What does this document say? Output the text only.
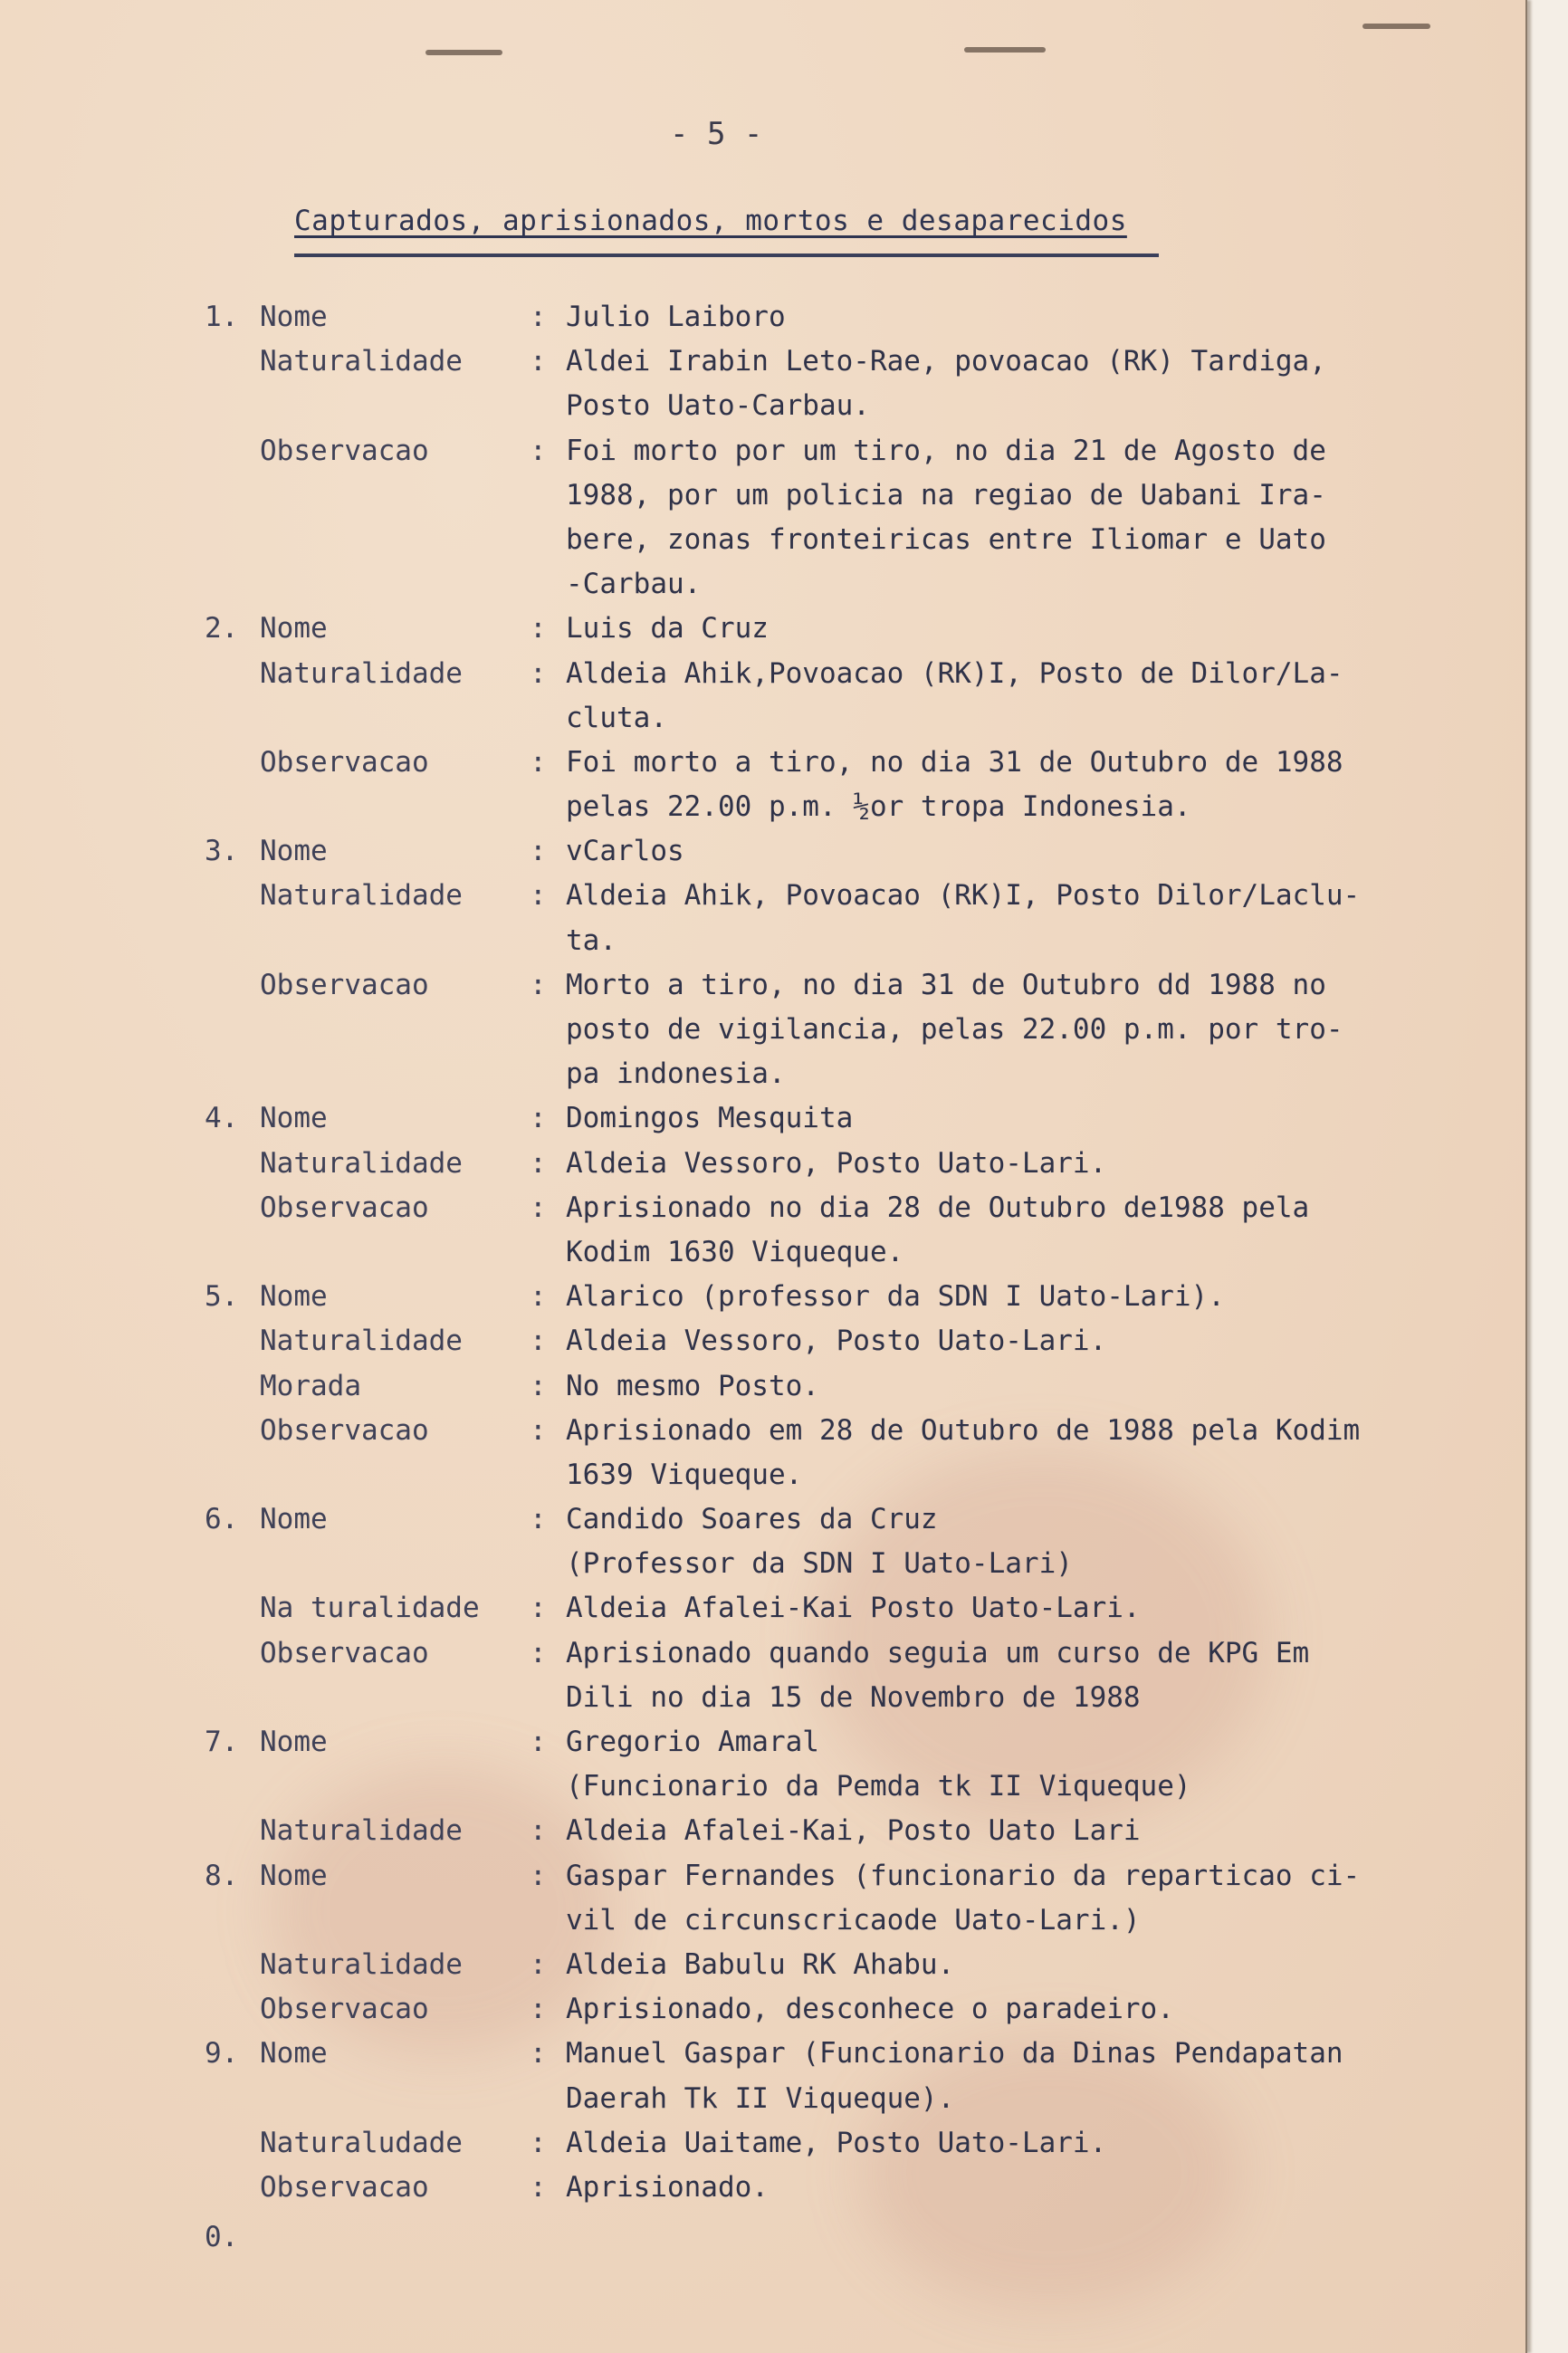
- 5 -
Capturados, aprisionados, mortos e desaparecidos
1. Nome	: Julio Laiboro
Naturalidade : Aldei Irabin Leto-Rae, povoacao (RK) Tardiga,
Posto Uato-Carbau.
Observacao	: Foi morto por um tiro, no dia 21 de Agosto de
1988, por um policia na regiao de Uabani Ira-
bere, zonas fronteiricas entre Iliomar e Uato
-Carbau.
2. Nome	: Luis da Cruz
Naturalidade : Aldeia Ahik,Povoacao (RK)I, Posto de Dilor/La-
cluta.
Observacao	: Foi morto a tiro, no dia 31 de Outubro de 1988
pelas 22.00 p.m. ½or tropa Indonesia.
3. Nome	: vCarlos
Naturalidade : Aldeia Ahik, Povoacao (RK)I, Posto Dilor/Laclu-
ta.
Observacao	: Morto a tiro, no dia 31 de Outubro dd 1988 no
posto de vigilancia, pelas 22.00 p.m. por tro-
pa indonesia.
4. Nome	: Domingos Mesquita
Naturalidade : Aldeia Vessoro, Posto Uato-Lari.
Observacao	: Aprisionado no dia 28 de Outubro de1988 pela
Kodim 1630 Viqueque.
5. Nome	: Alarico (professor da SDN I Uato-Lari).
Naturalidade : Aldeia Vessoro, Posto Uato-Lari.
Morada	: No mesmo Posto.
Observacao	: Aprisionado em 28 de Outubro de 1988 pela Kodim
1639 Viqueque.
6. Nome	: Candido Soares da Cruz
(Professor da SDN I Uato-Lari)
Na turalidade : Aldeia Afalei-Kai Posto Uato-Lari.
Observacao	: Aprisionado quando seguia um curso de KPG Em
Dili no dia 15 de Novembro de 1988
7. Nome	: Gregorio Amaral
(Funcionario da Pemda tk II Viqueque)
Naturalidade : Aldeia Afalei-Kai, Posto Uato Lari
8. Nome	: Gaspar Fernandes (funcionario da reparticao ci-
vil de circunscricaode Uato-Lari.)
Naturalidade : Aldeia Babulu RK Ahabu.
Observacao	: Aprisionado, desconhece o paradeiro.
9. Nome	: Manuel Gaspar (Funcionario da Dinas Pendapatan
Daerah Tk II Viqueque).
Naturaludade : Aldeia Uaitame, Posto Uato-Lari.
Observacao	: Aprisionado.
0.
